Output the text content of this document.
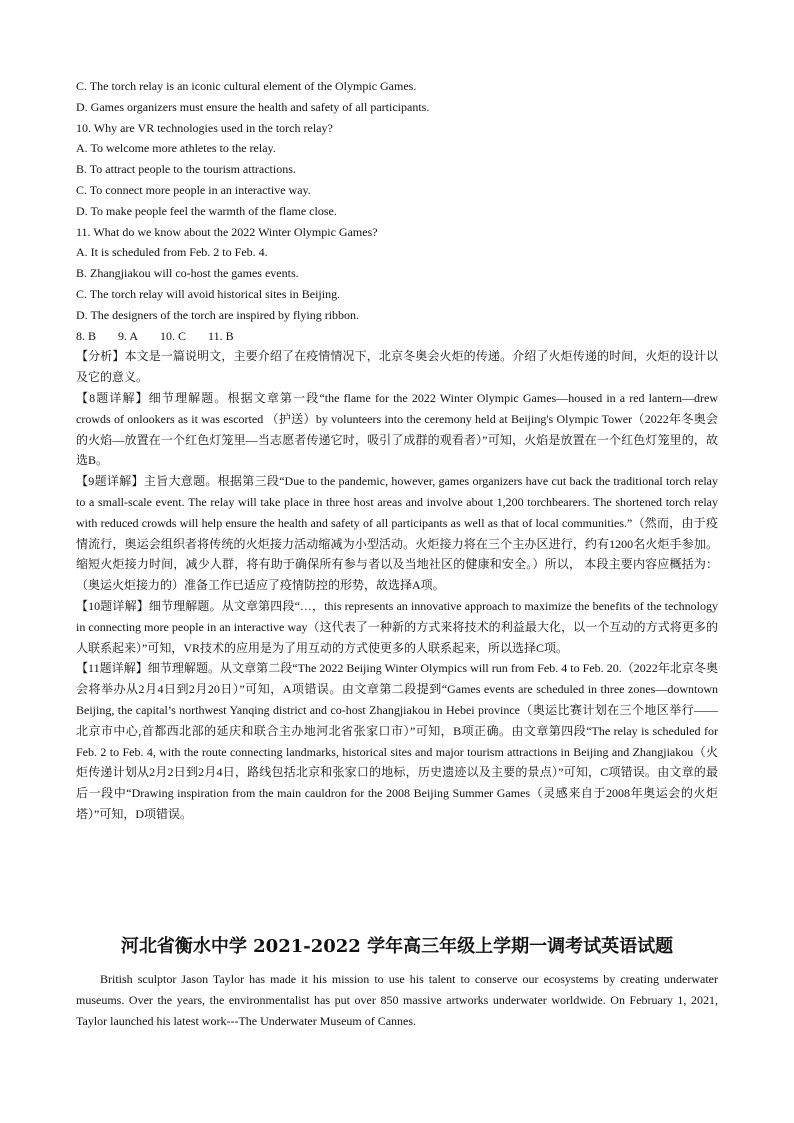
C. The torch relay is an iconic cultural element of the Olympic Games.

D. Games organizers must ensure the health and safety of all participants.

10. Why are VR technologies used in the torch relay?

A. To welcome more athletes to the relay.

B. To attract people to the tourism attractions.

C. To connect more people in an interactive way.

D. To make people feel the warmth of the flame close.

11. What do we know about the 2022 Winter Olympic Games?

A. It is scheduled from Feb. 2 to Feb. 4.

B. Zhangjiakou will co-host the games events.

C. The torch relay will avoid historical sites in Beijing.

D. The designers of the torch are inspired by flying ribbon.

8. B 9. A 10. C 11. B

【分析】本文是一篇说明文，主要介绍了在疫情情况下，北京冬奥会火炬的传递。介绍了火炬传递的时间，火炬的设计以及它的意义。

【8题详解】细节理解题。根据文章第一段“the flame for the 2022 Winter Olympic Games—housed in a red lantern—drew crowds of onlookers as it was escorted （护送）by volunteers into the ceremony held at Beijing's Olympic Tower（2022年冬奥会的火焰—放置在一个红色灯笼里—当志愿者传递它时，吸引了成群的观看者）”可知，火焰是放置在一个红色灯笼里的，故选B。

【9题详解】主旨大意题。根据第三段“Due to the pandemic, however, games organizers have cut back the traditional torch relay to a small-scale event. The relay will take place in three host areas and involve about 1,200 torchbearers. The shortened torch relay with reduced crowds will help ensure the health and safety of all participants as well as that of local communities.”（然而，由于疫情流行，奥运会组织者将传统的火炬接力活动缩减为小型活动。火炬接力将在三个主办区进行，约有1200名火炬手参加。缩短火炬接力时间，减少人群，将有助于确保所有参与者以及当地社区的健康和安全。）所以， 本段主要内容应概括为：（奥运火炬接力的）准备工作已适应了疫情防控的形势，故选择A项。

【10题详解】细节理解题。从文章第四段“…，this represents an innovative approach to maximize the benefits of the technology in connecting more people in an interactive way（这代表了一种新的方式来将技术的利益最大化，以一个互动的方式将更多的人联系起来）”可知，VR技术的应用是为了用互动的方式使更多的人联系起来，所以选择C项。

【11题详解】细节理解题。从文章第二段“The 2022 Beijing Winter Olympics will run from Feb. 4 to Feb. 20.（2022年北京冬奥会将举办从2月4日到2月20日）”可知，A项错误。由文章第二段提到“Games events are scheduled in three zones—downtown Beijing, the capital’s northwest Yanqing district and co-host Zhangjiakou in Hebei province（奥运比赛计划在三个地区举行——北京市中心,首都西北部的延庆和联合主办地河北省张家口市）”可知，B项正确。由文章第四段“The relay is scheduled for Feb. 2 to Feb. 4, with the route connecting landmarks, historical sites and major tourism attractions in Beijing and Zhangjiakou（火炬传递计划从2月2日到2月4日，路线包括北京和张家口的地标，历史遗迹以及主要的景点）”可知，C项错误。由文章的最后一段中“Drawing inspiration from the main cauldron for the 2008 Beijing Summer Games（灵感来自于2008年奥运会的火炬塔）”可知，D项错误。

河北省衡水中学 2021-2022 学年高三年级上学期一调考试英语试题

British sculptor Jason Taylor has made it his mission to use his talent to conserve our ecosystems by creating underwater museums. Over the years, the environmentalist has put over 850 massive artworks underwater worldwide. On February 1, 2021, Taylor launched his latest work---The Underwater Museum of Cannes.
